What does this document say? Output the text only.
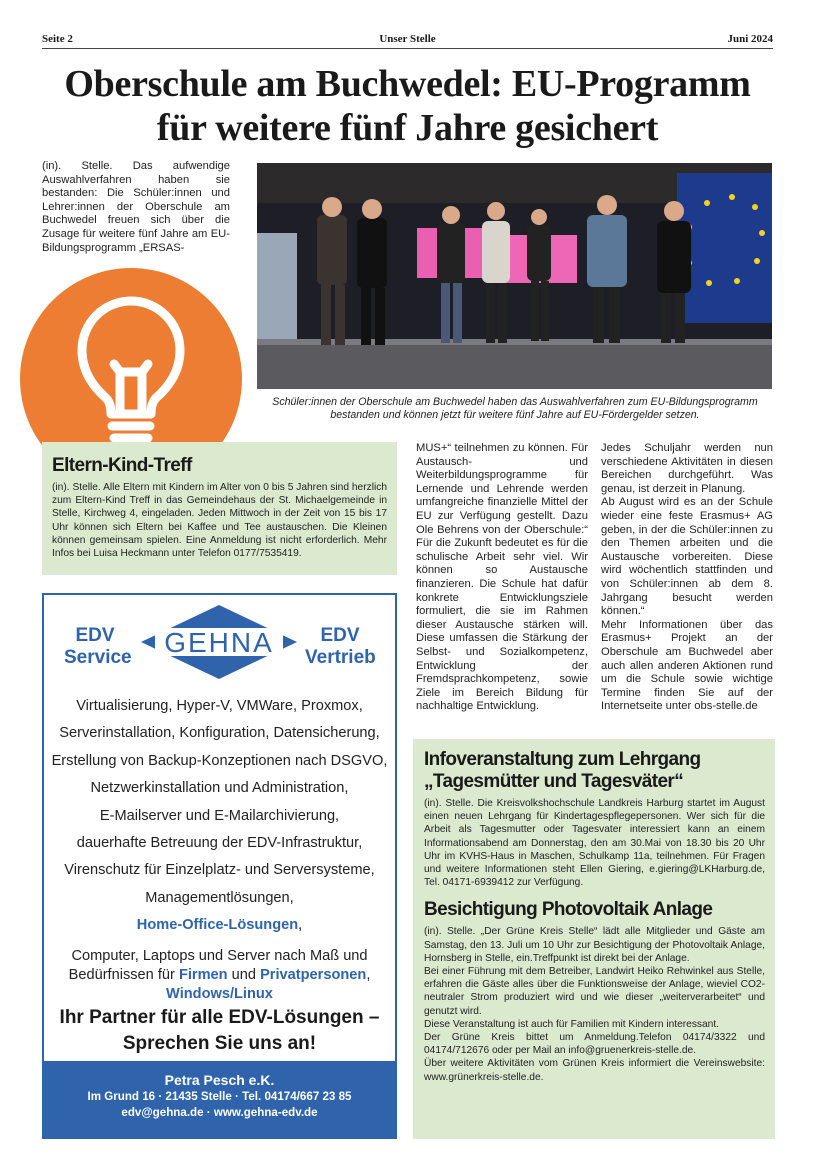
Seite 2	Unser Stelle	Juni 2024
Oberschule am Buchwedel: EU-Programm
für weitere fünf Jahre gesichert
(in). Stelle. Das aufwendige Auswahlverfahren haben sie bestanden: Die Schüler:innen und Lehrer:innen der Oberschule am Buchwedel freuen sich über die Zusage für weitere fünf Jahre am EU-Bildungsprogramm „ERSAS-
Schüler:innen der Oberschule am Buchwedel haben das Auswahlverfahren zum EU-Bildungsprogramm
bestanden und können jetzt für weitere fünf Jahre auf EU-Fördergelder setzen.
Eltern-Kind-Treff
(in). Stelle. Alle Eltern mit Kindern im Alter von 0 bis 5 Jahren sind herzlich zum Eltern-Kind Treff in das Gemeindehaus der St. Michaelgemeinde in Stelle, Kirchweg 4, eingeladen. Jeden Mittwoch in der Zeit von 15 bis 17 Uhr können sich Eltern bei Kaffee und Tee austauschen. Die Kleinen können gemeinsam spielen. Eine Anmeldung ist nicht erforderlich. Mehr Infos bei Luisa Heckmann unter Telefon 0177/7535419.
MUS+“ teilnehmen zu können. Für Austausch- und Weiterbildungsprogramme für Lernende und Lehrende werden umfangreiche finanzielle Mittel der EU zur Verfügung gestellt. Dazu Ole Behrens von der Oberschule:“ Für die Zukunft bedeutet es für die schulische Arbeit sehr viel. Wir können so Austausche finanzieren. Die Schule hat dafür konkrete Entwicklungsziele formuliert, die sie im Rahmen dieser Austausche stärken will. Diese umfassen die Stärkung der Selbst- und Sozialkompetenz, Entwicklung der Fremdsprachkompetenz, sowie Ziele im Bereich Bildung für nachhaltige Entwicklung.
Jedes Schuljahr werden nun verschiedene Aktivitäten in diesen Bereichen durchgeführt. Was genau, ist derzeit in Planung.
Ab August wird es an der Schule wieder eine feste Erasmus+ AG geben, in der die Schüler:innen zu den Themen arbeiten und die Austausche vorbereiten. Diese wird wöchentlich stattfinden und von Schüler:innen ab dem 8. Jahrgang besucht werden können.“
Mehr Informationen über das Erasmus+ Projekt an der Oberschule am Buchwedel aber auch allen anderen Aktionen rund um die Schule sowie wichtige Termine finden Sie auf der Internetseite unter obs-stelle.de
Infoveranstaltung zum Lehrgang
„Tagesmütter und Tagesväter“
(in). Stelle. Die Kreisvolkshochschule Landkreis Harburg startet im August einen neuen Lehrgang für Kindertagespflegepersonen. Wer sich für die Arbeit als Tagesmutter oder Tagesvater interessiert kann an einem Informationsabend am Donnerstag, den am 30.Mai von 18.30 bis 20 Uhr Uhr im KVHS-Haus in Maschen, Schulkamp 11a, teilnehmen. Für Fragen und weitere Informationen steht Ellen Giering, e.giering@LKHarburg.de, Tel. 04171-6939412 zur Verfügung.
Besichtigung Photovoltaik Anlage
(in). Stelle. „Der Grüne Kreis Stelle“ lädt alle Mitglieder und Gäste am Samstag, den 13. Juli um 10 Uhr zur Besichtigung der Photovoltaik Anlage, Hornsberg in Stelle, ein.Treffpunkt ist direkt bei der Anlage.
Bei einer Führung mit dem Betreiber, Landwirt Heiko Rehwinkel aus Stelle, erfahren die Gäste alles über die Funktionsweise der Anlage, wieviel CO2-neutraler Strom produziert wird und wie dieser „weiterverarbeitet“ und genutzt wird.
Diese Veranstaltung ist auch für Familien mit Kindern interessant.
Der Grüne Kreis bittet um Anmeldung.Telefon 04174/3322 und 04174/712676 oder per Mail an info@gruenerkreis-stelle.de.
Über weitere Aktivitäten vom Grünen Kreis informiert die Vereinswebsite: www.grünerkreis-stelle.de.
EDV
Service GEHNA	EDV
Vertrieb
Virtualisierung, Hyper-V, VMWare, Proxmox,
Serverinstallation, Konfiguration, Datensicherung,
Erstellung von Backup-Konzeptionen nach DSGVO,
Netzwerkinstallation und Administration,
E-Mailserver und E-Mailarchivierung,
dauerhafte Betreuung der EDV-Infrastruktur,
Virenschutz für Einzelplatz- und Serversysteme,
Managementlösungen,
Home-Office-Lösungen,
Computer, Laptops und Server nach Maß und
Bedürfnissen für Firmen und Privatpersonen,
Windows/Linux
Ihr Partner für alle EDV-Lösungen –
Sprechen Sie uns an!
Petra Pesch e.K.
Im Grund 16 · 21435 Stelle · Tel. 04174/667 23 85
edv@gehna.de · www.gehna-edv.de
